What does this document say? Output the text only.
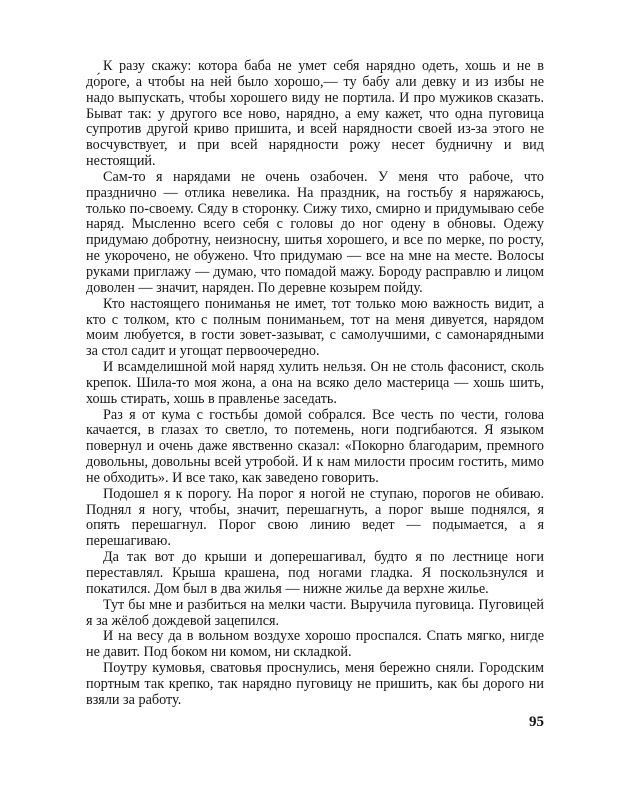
К разу скажу: котора баба не умет себя нарядно одеть, хошь и не в до́роге, а чтобы на ней было хорошо,— ту бабу али девку и из избы не надо выпускать, чтобы хорошего виду не портила. И про мужиков сказать. Быват так: у другого все ново, нарядно, а ему кажет, что одна пуговица супротив другой криво пришита, и всей нарядности своей из-за этого не восчувствует, и при всей нарядности рожу несет будничну и вид нестоящий.

Сам-то я нарядами не очень озабочен. У меня что рабоче, что празднично — отлика невелика. На праздник, на гостьбу я наряжаюсь, только по-своему. Сяду в сторонку. Сижу тихо, смирно и придумываю себе наряд. Мысленно всего себя с головы до ног одену в обновы. Одежу придумаю добротну, неизносну, шитья хорошего, и все по мерке, по росту, не укорочено, не обужено. Что придумаю — все на мне на месте. Волосы руками приглажу — думаю, что помадой мажу. Бороду расправлю и лицом доволен — значит, наряден. По деревне козырем пойду.

Кто настоящего пониманья не имет, тот только мою важность видит, а кто с толком, кто с полным пониманьем, тот на меня дивуется, нарядом моим любуется, в гости зовет-зазыват, с самолучшими, с самонарядными за стол садит и угощат первоочередно.

И всамделишной мой наряд хулить нельзя. Он не столь фасонист, сколь крепок. Шила-то моя жона, а она на всяко дело мастерица — хошь шить, хошь стирать, хошь в правленье заседать.

Раз я от кума с гостьбы домой собрался. Все честь по чести, голова качается, в глазах то светло, то потемень, ноги подгибаются. Я языком повернул и очень даже явственно сказал: «Покорно благодарим, премного довольны, довольны всей утробой. И к нам милости просим гостить, мимо не обходить». И все тако, как заведено говорить.

Подошел я к порогу. На порог я ногой не ступаю, порогов не обиваю. Поднял я ногу, чтобы, значит, перешагнуть, а порог выше поднялся, я опять перешагнул. Порог свою линию ведет — подымается, а я перешагиваю.

Да так вот до крыши и доперешагивал, будто я по лестнице ноги переставлял. Крыша крашена, под ногами гладка. Я поскользнулся и покатился. Дом был в два жилья — нижне жилье да верхне жилье.

Тут бы мне и разбиться на мелки части. Выручила пуговица. Пуговицей я за жёлоб дождевой зацепился.

И на весу да в вольном воздухе хорошо проспался. Спать мягко, нигде не давит. Под боком ни комом, ни складкой.

Поутру кумовья, сватовья проснулись, меня бережно сняли. Городским портным так крепко, так нарядно пуговицу не пришить, как бы дорого ни взяли за работу.

95
